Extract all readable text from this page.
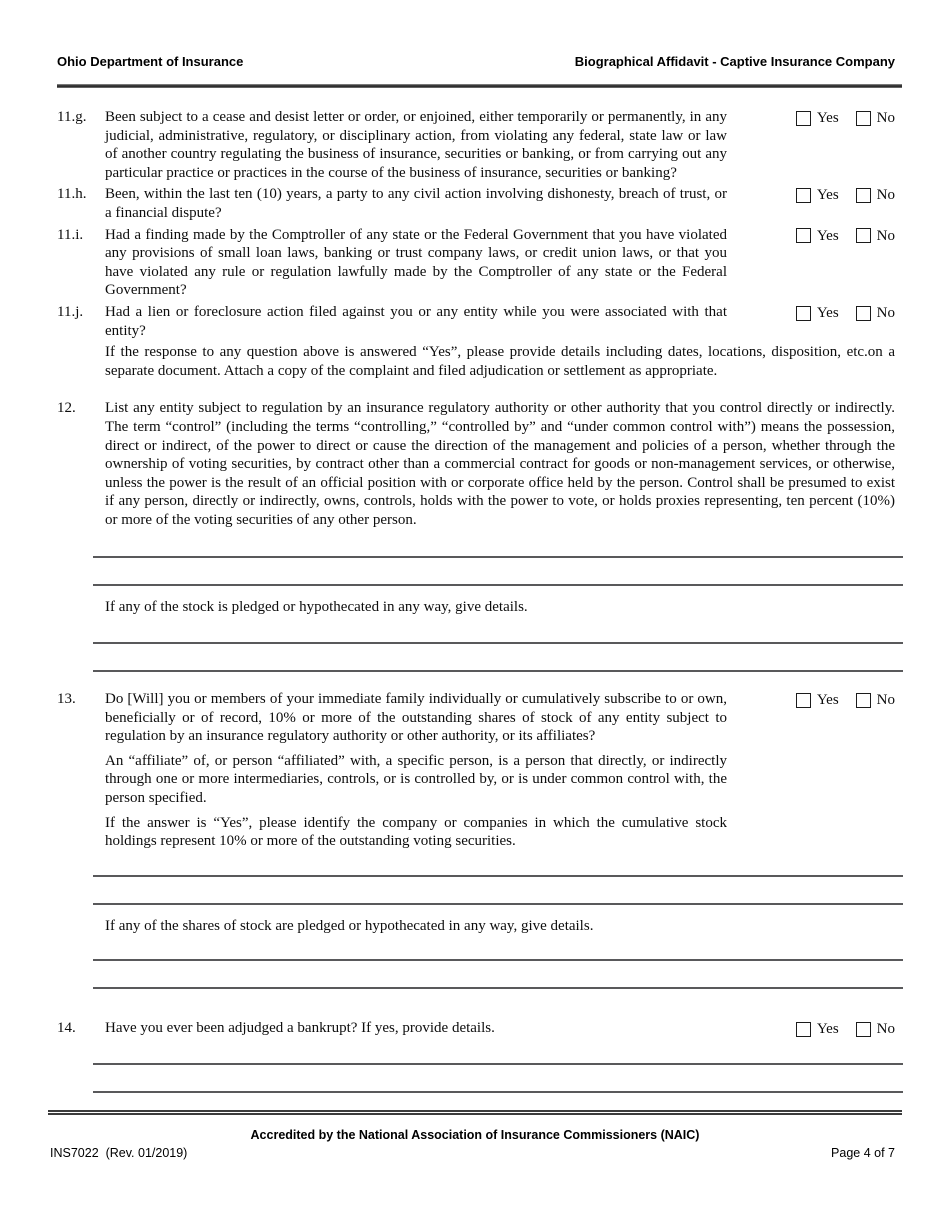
Ohio Department of Insurance	Biographical Affidavit - Captive Insurance Company
11.g.	Been subject to a cease and desist letter or order, or enjoined, either temporarily or permanently, in any judicial, administrative, regulatory, or disciplinary action, from violating any federal, state law or law of another country regulating the business of insurance, securities or banking, or from carrying out any particular practice or practices in the course of the business of insurance, securities or banking?
Yes	No
11.h.	Been, within the last ten (10) years, a party to any civil action involving dishonesty, breach of trust, or a financial dispute?
Yes	No
11.i.	Had a finding made by the Comptroller of any state or the Federal Government that you have violated any provisions of small loan laws, banking or trust company laws, or credit union laws, or that you have violated any rule or regulation lawfully made by the Comptroller of any state or the Federal Government?
Yes	No
11.j.	Had a lien or foreclosure action filed against you or any entity while you were associated with that entity?
Yes	No
If the response to any question above is answered “Yes”, please provide details including dates, locations, disposition, etc.on a separate document. Attach a copy of the complaint and filed adjudication or settlement as appropriate.
12.	List any entity subject to regulation by an insurance regulatory authority or other authority that you control directly or indirectly. The term “control” (including the terms “controlling,” “controlled by” and “under common control with”) means the possession, direct or indirect, of the power to direct or cause the direction of the management and policies of a person, whether through the ownership of voting securities, by contract other than a commercial contract for goods or non-management services, or otherwise, unless the power is the result of an official position with or corporate office held by the person. Control shall be presumed to exist if any person, directly or indirectly, owns, controls, holds with the power to vote, or holds proxies representing, ten percent (10%) or more of the voting securities of any other person.
If any of the stock is pledged or hypothecated in any way, give details.
13.	Do [Will] you or members of your immediate family individually or cumulatively subscribe to or own, beneficially or of record, 10% or more of the outstanding shares of stock of any entity subject to regulation by an insurance regulatory authority or other authority, or its affiliates?

An “affiliate” of, or person “affiliated” with, a specific person, is a person that directly, or indirectly through one or more intermediaries, controls, or is controlled by, or is under common control with, the person specified.

If the answer is “Yes”, please identify the company or companies in which the cumulative stock holdings represent 10% or more of the outstanding voting securities.

Yes	No
If any of the shares of stock are pledged or hypothecated in any way, give details.
14.	Have you ever been adjudged a bankrupt? If yes, provide details.	Yes	No
Accredited by the National Association of Insurance Commissioners (NAIC)
INS7022  (Rev. 01/2019)	Page 4 of 7
